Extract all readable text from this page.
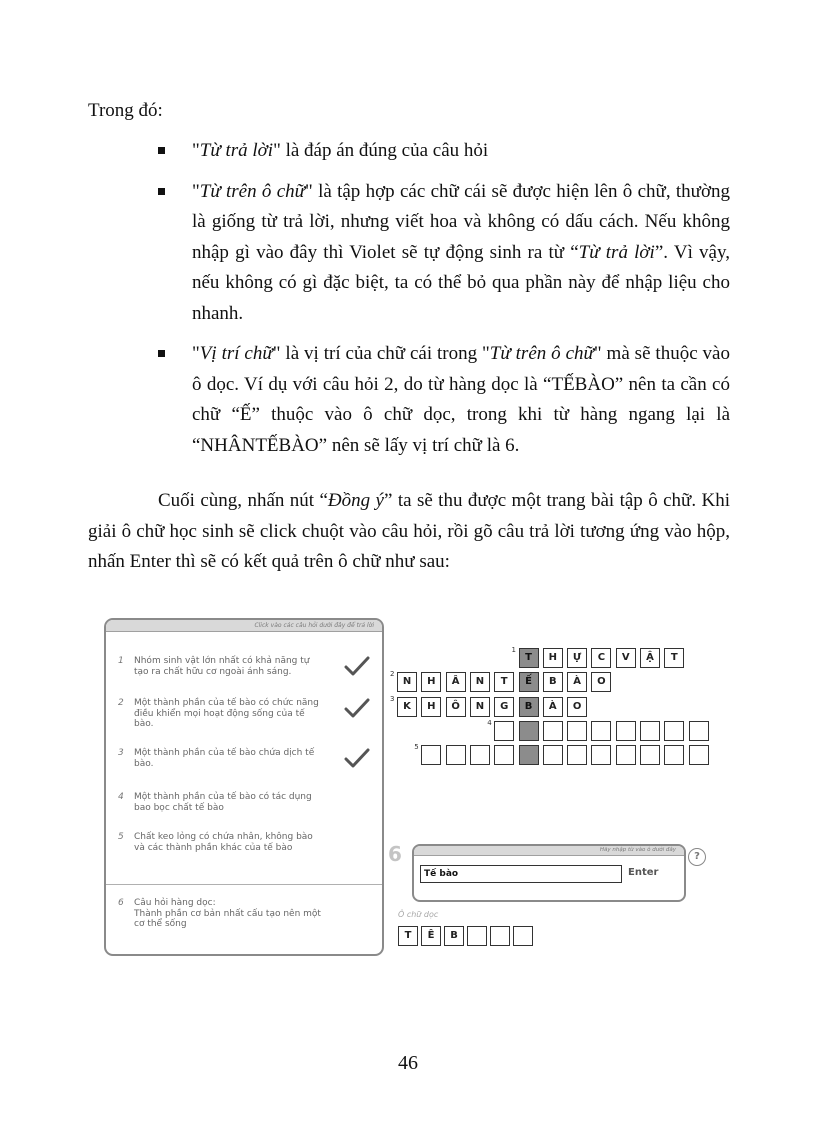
Trong đó:

"Từ trả lời" là đáp án đúng của câu hỏi
"Từ trên ô chữ" là tập hợp các chữ cái sẽ được hiện lên ô chữ, thường là giống từ trả lời, nhưng viết hoa và không có dấu cách. Nếu không nhập gì vào đây thì Violet sẽ tự động sinh ra từ “Từ trả lời”. Vì vậy, nếu không có gì đặc biệt, ta có thể bỏ qua phần này để nhập liệu cho nhanh.
"Vị trí chữ" là vị trí của chữ cái trong "Từ trên ô chữ" mà sẽ thuộc vào ô dọc. Ví dụ với câu hỏi 2, do từ hàng dọc là “TẾBÀO” nên ta cần có chữ “Ế” thuộc vào ô chữ dọc, trong khi từ hàng ngang lại là “NHÂNTẾBÀO” nên sẽ lấy vị trí chữ là 6.

Cuối cùng, nhấn nút “Đồng ý” ta sẽ thu được một trang bài tập ô chữ. Khi giải ô chữ học sinh sẽ click chuột vào câu hỏi, rồi gõ câu trả lời tương ứng vào hộp, nhấn Enter thì sẽ có kết quả trên ô chữ như sau:

Click vào các câu hỏi dưới đây để trả lời
1 Nhóm sinh vật lớn nhất có khả năng tự tạo ra chất hữu cơ ngoài ánh sáng.
2 Một thành phần của tế bào có chức năng điều khiển mọi hoạt động sống của tế bào.
3 Một thành phần của tế bào chứa dịch tế bào.
4 Một thành phần của tế bào có tác dụng bao bọc chất tế bào
5 Chất keo lỏng có chứa nhân, không bào và các thành phần khác của tế bào
6 Câu hỏi hàng dọc:
Thành phần cơ bản nhất cấu tạo nên một cơ thể sống
1
T	H	Ự	C	V	Ậ	T
2
N	H	Â	N	T	Ế	B	À	O
3
K	H	Ô	N	G	B	À	O
4
5
6	Hãy nhập từ vào ô dưới đây
Tế bào	Enter
?
Ô chữ dọc
T	Ê	B
46
